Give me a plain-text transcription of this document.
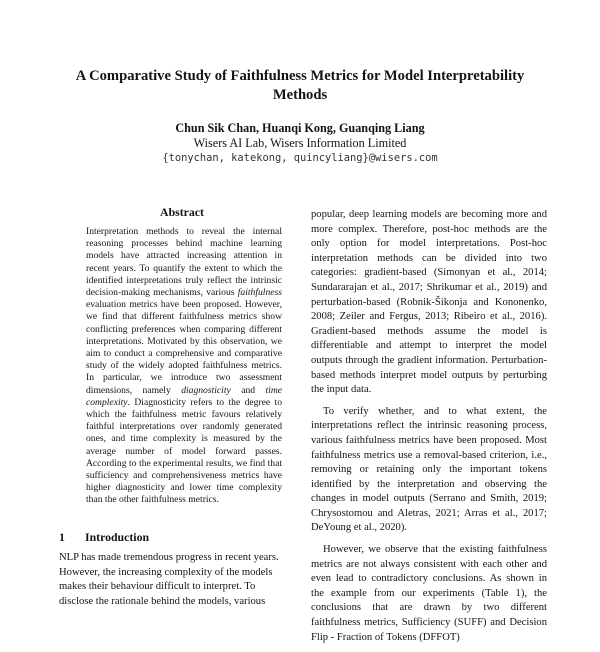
A Comparative Study of Faithfulness Metrics for Model Interpretability
Methods
Chun Sik Chan, Huanqi Kong, Guanqing Liang
Wisers AI Lab, Wisers Information Limited
{tonychan, katekong, quincyliang}@wisers.com
Abstract
Interpretation methods to reveal the internal reasoning processes behind machine learning models have attracted increasing attention in recent years. To quantify the extent to which the identified interpretations truly reflect the intrinsic decision-making mechanisms, various faithfulness evaluation metrics have been proposed. However, we find that different faithfulness metrics show conflicting preferences when comparing different interpretations. Motivated by this observation, we aim to conduct a comprehensive and comparative study of the widely adopted faithfulness metrics. In particular, we introduce two assessment dimensions, namely diagnosticity and time complexity. Diagnosticity refers to the degree to which the faithfulness metric favours relatively faithful interpretations over randomly generated ones, and time complexity is measured by the average number of model forward passes. According to the experimental results, we find that sufficiency and comprehensiveness metrics have higher diagnosticity and lower time complexity than the other faithfulness metrics.
1 Introduction
NLP has made tremendous progress in recent years.
However, the increasing complexity of the models
makes their behaviour difficult to interpret. To
disclose the rationale behind the models, various

popular, deep learning models are becoming more and more complex. Therefore, post-hoc methods are the only option for model interpretations. Post-hoc interpretation methods can be divided into two categories: gradient-based (Simonyan et al., 2014; Sundararajan et al., 2017; Shrikumar et al., 2019) and perturbation-based (Robnik-Šikonja and Kononenko, 2008; Zeiler and Fergus, 2013; Ribeiro et al., 2016). Gradient-based methods assume the model is differentiable and attempt to interpret the model outputs through the gradient information. Perturbation-based methods interpret model outputs by perturbing the input data.

To verify whether, and to what extent, the interpretations reflect the intrinsic reasoning process, various faithfulness metrics have been proposed. Most faithfulness metrics use a removal-based criterion, i.e., removing or retaining only the important tokens identified by the interpretation and observing the changes in model outputs (Serrano and Smith, 2019; Chrysostomou and Aletras, 2021; Arras et al., 2017; DeYoung et al., 2020).

However, we observe that the existing faithfulness metrics are not always consistent with each other and even lead to contradictory conclusions. As shown in the example from our experiments (Table 1), the conclusions that are drawn by two different faithfulness metrics, Sufficiency (SUFF) and Decision Flip - Fraction of Tokens (DFFOT)
